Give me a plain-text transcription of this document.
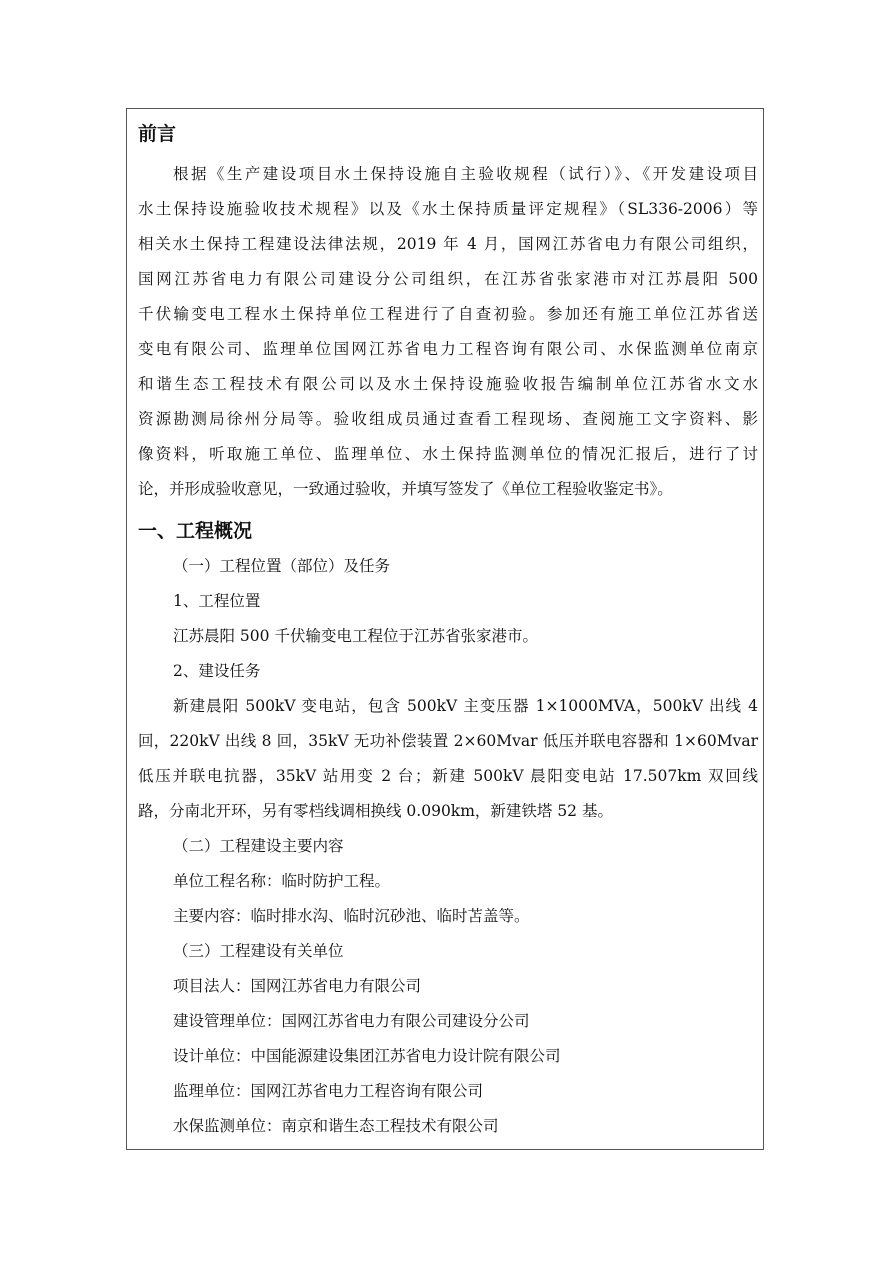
前言
根据《生产建设项目水土保持设施自主验收规程（试行）》、《开发建设项目
水土保持设施验收技术规程》以及《水土保持质量评定规程》（SL336-2006）等
相关水土保持工程建设法律法规，2019 年 4 月，国网江苏省电力有限公司组织，
国网江苏省电力有限公司建设分公司组织，在江苏省张家港市对江苏晨阳 500
千伏输变电工程水土保持单位工程进行了自查初验。参加还有施工单位江苏省送
变电有限公司、监理单位国网江苏省电力工程咨询有限公司、水保监测单位南京
和谐生态工程技术有限公司以及水土保持设施验收报告编制单位江苏省水文水
资源勘测局徐州分局等。验收组成员通过查看工程现场、查阅施工文字资料、影
像资料，听取施工单位、监理单位、水土保持监测单位的情况汇报后，进行了讨
论，并形成验收意见，一致通过验收，并填写签发了《单位工程验收鉴定书》。
一、工程概况
（一）工程位置（部位）及任务
1、工程位置
江苏晨阳 500 千伏输变电工程位于江苏省张家港市。
2、建设任务
新建晨阳 500kV 变电站，包含 500kV 主变压器 1×1000MVA，500kV 出线 4
回，220kV 出线 8 回，35kV 无功补偿装置 2×60Mvar 低压并联电容器和 1×60Mvar
低压并联电抗器，35kV 站用变 2 台；新建 500kV 晨阳变电站 17.507km 双回线
路，分南北开环，另有零档线调相换线 0.090km，新建铁塔 52 基。
（二）工程建设主要内容
单位工程名称：临时防护工程。
主要内容：临时排水沟、临时沉砂池、临时苫盖等。
（三）工程建设有关单位
项目法人：国网江苏省电力有限公司
建设管理单位：国网江苏省电力有限公司建设分公司
设计单位：中国能源建设集团江苏省电力设计院有限公司
监理单位：国网江苏省电力工程咨询有限公司
水保监测单位：南京和谐生态工程技术有限公司
